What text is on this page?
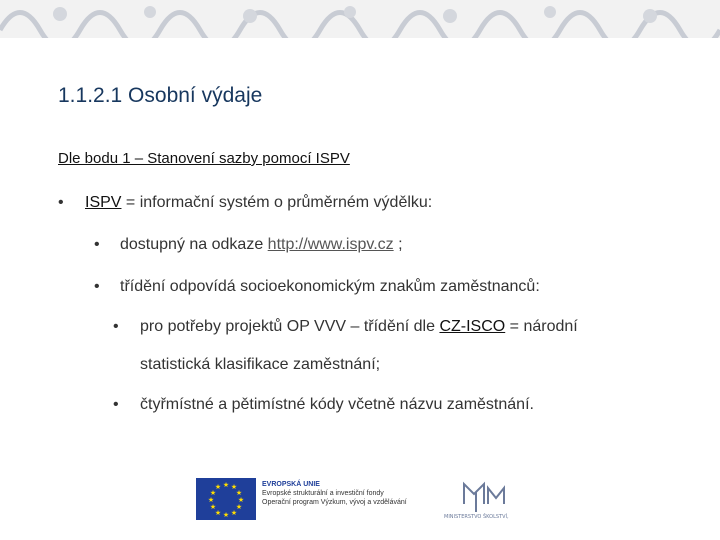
1.1.2.1 Osobní výdaje

Dle bodu 1 – Stanovení sazby pomocí ISPV

• ISPV = informační systém o průměrném výdělku:
• dostupný na odkaze http://www.ispv.cz ;
• třídění odpovídá socioekonomickým znakům zaměstnanců:
• pro potřeby projektů OP VVV – třídění dle CZ-ISCO = národní
statistická klasifikace zaměstnání;
• čtyřmístné a pětimístné kódy včetně názvu zaměstnání.
★ ★
★
★
★
★
★
★
★
★
★
★	EVROPSKÁ UNIE
Evropské strukturální a investiční fondy
Operační program Výzkum, vývoj a vzdělávání
MINISTERSTVO ŠKOLSTVÍ,
